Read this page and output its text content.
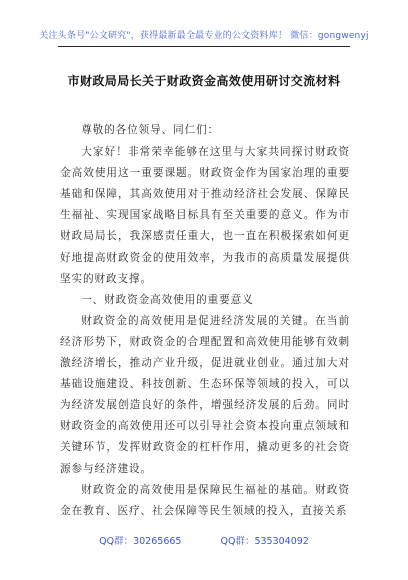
关注头条号"公文研究"，获得最新最全最专业的公文资料库！ 微信：gongwenyj
市财政局局长关于财政资金高效使用研讨交流材料

尊敬的各位领导、同仁们：

大家好！非常荣幸能够在这里与大家共同探讨财政资金高效使用这一重要课题。财政资金作为国家治理的重要基础和保障，其高效使用对于推动经济社会发展、保障民生福祉、实现国家战略目标具有至关重要的意义。作为市财政局局长，我深感责任重大，也一直在积极探索如何更好地提高财政资金的使用效率，为我市的高质量发展提供坚实的财政支撑。

一、财政资金高效使用的重要意义

财政资金的高效使用是促进经济发展的关键。在当前经济形势下，财政资金的合理配置和高效使用能够有效刺激经济增长，推动产业升级，促进就业创业。通过加大对基础设施建设、科技创新、生态环保等领域的投入，可以为经济发展创造良好的条件，增强经济发展的后劲。同时财政资金的高效使用还可以引导社会资本投向重点领域和关键环节，发挥财政资金的杠杆作用，撬动更多的社会资源参与经济建设。

财政资金的高效使用是保障民生福祉的基础。财政资金在教育、医疗、社会保障等民生领域的投入，直接关系

QQ群：30265665	QQ群：535304092
